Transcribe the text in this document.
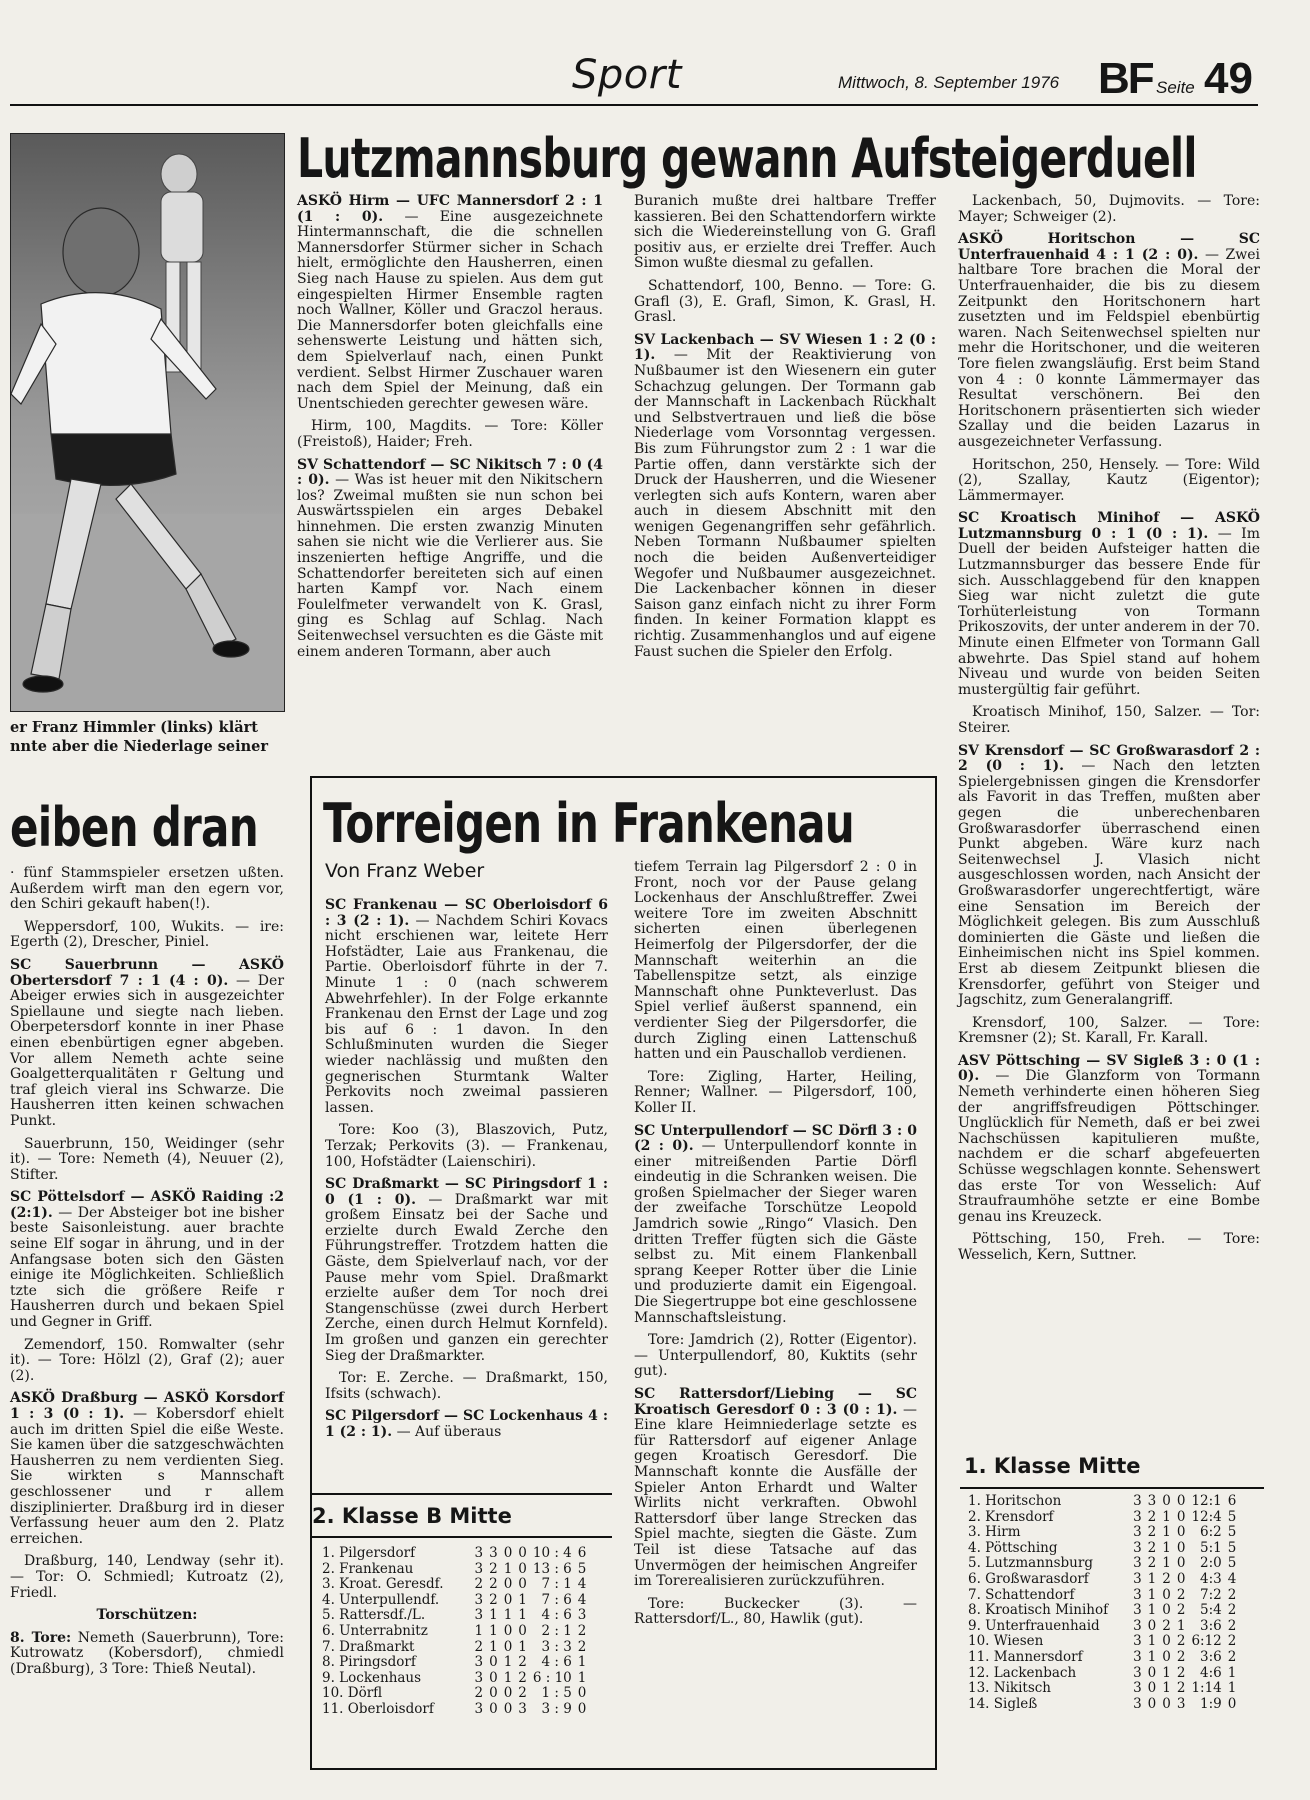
Sport	Mittwoch, 8. September 1976 BF Seite 49
er Franz Himmler (links) klärt
nnte aber die Niederlage seiner
Lutzmannsburg gewann Aufsteigerduell
eiben dran

ASKÖ Hirm — UFC Mannersdorf 2 : 1 (1 : 0). — Eine ausgezeichnete Hintermannschaft, die die schnellen Mannersdorfer Stürmer sicher in Schach hielt, ermöglichte den Hausherren, einen Sieg nach Hause zu spielen. Aus dem gut eingespielten Hirmer Ensemble ragten noch Wallner, Köller und Graczol heraus. Die Mannersdorfer boten gleichfalls eine sehenswerte Leistung und hätten sich, dem Spielverlauf nach, einen Punkt verdient. Selbst Hirmer Zuschauer waren nach dem Spiel der Meinung, daß ein Unentschieden gerechter gewesen wäre.

Hirm, 100, Magdits. — Tore: Köller (Freistoß), Haider; Freh.

SV Schattendorf — SC Nikitsch 7 : 0 (4 : 0). — Was ist heuer mit den Nikitschern los? Zweimal mußten sie nun schon bei Auswärtsspielen ein arges Debakel hinnehmen. Die ersten zwanzig Minuten sahen sie nicht wie die Verlierer aus. Sie inszenierten heftige Angriffe, und die Schattendorfer bereiteten sich auf einen harten Kampf vor. Nach einem Foulelfmeter verwandelt von K. Grasl, ging es Schlag auf Schlag. Nach Seitenwechsel versuchten es die Gäste mit einem anderen Tormann, aber auch

Buranich mußte drei haltbare Treffer kassieren. Bei den Schattendorfern wirkte sich die Wiedereinstellung von G. Grafl positiv aus, er erzielte drei Treffer. Auch Simon wußte diesmal zu gefallen.

Schattendorf, 100, Benno. — Tore: G. Grafl (3), E. Grafl, Simon, K. Grasl, H. Grasl.

SV Lackenbach — SV Wiesen 1 : 2 (0 : 1). — Mit der Reaktivierung von Nußbaumer ist den Wiesenern ein guter Schachzug gelungen. Der Tormann gab der Mannschaft in Lackenbach Rückhalt und Selbstvertrauen und ließ die böse Niederlage vom Vorsonntag vergessen. Bis zum Führungstor zum 2 : 1 war die Partie offen, dann verstärkte sich der Druck der Hausherren, und die Wiesener verlegten sich aufs Kontern, waren aber auch in diesem Abschnitt mit den wenigen Gegenangriffen sehr gefährlich. Neben Tormann Nußbaumer spielten noch die beiden Außenverteidiger Wegofer und Nußbaumer ausgezeichnet. Die Lackenbacher können in dieser Saison ganz einfach nicht zu ihrer Form finden. In keiner Formation klappt es richtig. Zusammenhanglos und auf eigene Faust suchen die Spieler den Erfolg.

Lackenbach, 50, Dujmovits. — Tore: Mayer; Schweiger (2).

ASKÖ Horitschon — SC Unterfrauenhaid 4 : 1 (2 : 0). — Zwei haltbare Tore brachen die Moral der Unterfrauenhaider, die bis zu diesem Zeitpunkt den Horitschonern hart zusetzten und im Feldspiel ebenbürtig waren. Nach Seitenwechsel spielten nur mehr die Horitschoner, und die weiteren Tore fielen zwangsläufig. Erst beim Stand von 4 : 0 konnte Lämmermayer das Resultat verschönern. Bei den Horitschonern präsentierten sich wieder Szallay und die beiden Lazarus in ausgezeichneter Verfassung.

Horitschon, 250, Hensely. — Tore: Wild (2), Szallay, Kautz (Eigentor); Lämmermayer.

SC Kroatisch Minihof — ASKÖ Lutzmannsburg 0 : 1 (0 : 1). — Im Duell der beiden Aufsteiger hatten die Lutzmannsburger das bessere Ende für sich. Ausschlaggebend für den knappen Sieg war nicht zuletzt die gute Torhüterleistung von Tormann Prikoszovits, der unter anderem in der 70. Minute einen Elfmeter von Tormann Gall abwehrte. Das Spiel stand auf hohem Niveau und wurde von beiden Seiten mustergültig fair geführt.

Kroatisch Minihof, 150, Salzer. — Tor: Steirer.

SV Krensdorf — SC Großwarasdorf 2 : 2 (0 : 1). — Nach den letzten Spielergebnissen gingen die Krensdorfer als Favorit in das Treffen, mußten aber gegen die unberechenbaren Großwarasdorfer überraschend einen Punkt abgeben. Wäre kurz nach Seitenwechsel J. Vlasich nicht ausgeschlossen worden, nach Ansicht der Großwarasdorfer ungerechtfertigt, wäre eine Sensation im Bereich der Möglichkeit gelegen. Bis zum Ausschluß dominierten die Gäste und ließen die Einheimischen nicht ins Spiel kommen. Erst ab diesem Zeitpunkt bliesen die Krensdorfer, geführt von Steiger und Jagschitz, zum Generalangriff.

Krensdorf, 100, Salzer. — Tore: Kremsner (2); St. Karall, Fr. Karall.

ASV Pöttsching — SV Sigleß 3 : 0 (1 : 0). — Die Glanzform von Tormann Nemeth verhinderte einen höheren Sieg der angriffsfreudigen Pöttschinger. Unglücklich für Nemeth, daß er bei zwei Nachschüssen kapitulieren mußte, nachdem er die scharf abgefeuerten Schüsse wegschlagen konnte. Sehenswert das erste Tor von Wesselich: Auf Straufraumhöhe setzte er eine Bombe genau ins Kreuzeck.

Pöttsching, 150, Freh. — Tore: Wesselich, Kern, Suttner.

· fünf Stammspieler ersetzen ußten. Außerdem wirft man den egern vor, den Schiri gekauft haben(!).

Weppersdorf, 100, Wukits. — ire: Egerth (2), Drescher, Piniel.

SC Sauerbrunn — ASKÖ Obertersdorf 7 : 1 (4 : 0). — Der Abeiger erwies sich in ausgezeichter Spiellaune und siegte nach lieben. Oberpetersdorf konnte in iner Phase einen ebenbürtigen egner abgeben. Vor allem Nemeth achte seine Goalgetterqualitäten r Geltung und traf gleich vieral ins Schwarze. Die Hausherren itten keinen schwachen Punkt.

Sauerbrunn, 150, Weidinger (sehr it). — Tore: Nemeth (4), Neuuer (2), Stifter.

SC Pöttelsdorf — ASKÖ Raiding :2 (2:1). — Der Absteiger bot ine bisher beste Saisonleistung. auer brachte seine Elf sogar in ährung, und in der Anfangsase boten sich den Gästen einige ite Möglichkeiten. Schließlich tzte sich die größere Reife r Hausherren durch und bekaen Spiel und Gegner in Griff.

Zemendorf, 150. Romwalter (sehr it). — Tore: Hölzl (2), Graf (2); auer (2).

ASKÖ Draßburg — ASKÖ Korsdorf 1 : 3 (0 : 1). — Kobersdorf ehielt auch im dritten Spiel die eiße Weste. Sie kamen über die satzgeschwächten Hausherren zu nem verdienten Sieg. Sie wirkten s Mannschaft geschlossener und r allem disziplinierter. Draßburg ird in dieser Verfassung heuer aum den 2. Platz erreichen.

Draßburg, 140, Lendway (sehr it). — Tor: O. Schmiedl; Kutroatz (2), Friedl.

Torschützen:

8. Tore: Nemeth (Sauerbrunn), Tore: Kutrowatz (Kobersdorf), chmiedl (Draßburg), 3 Tore: Thieß Neutal).

Torreigen in Frankenau
Von Franz Weber

SC Frankenau — SC Oberloisdorf 6 : 3 (2 : 1). — Nachdem Schiri Kovacs nicht erschienen war, leitete Herr Hofstädter, Laie aus Frankenau, die Partie. Oberloisdorf führte in der 7. Minute 1 : 0 (nach schwerem Abwehrfehler). In der Folge erkannte Frankenau den Ernst der Lage und zog bis auf 6 : 1 davon. In den Schlußminuten wurden die Sieger wieder nachlässig und mußten den gegnerischen Sturmtank Walter Perkovits noch zweimal passieren lassen.

Tore: Koo (3), Blaszovich, Putz, Terzak; Perkovits (3). — Frankenau, 100, Hofstädter (Laienschiri).

SC Draßmarkt — SC Piringsdorf 1 : 0 (1 : 0). — Draßmarkt war mit großem Einsatz bei der Sache und erzielte durch Ewald Zerche den Führungstreffer. Trotzdem hatten die Gäste, dem Spielverlauf nach, vor der Pause mehr vom Spiel. Draßmarkt erzielte außer dem Tor noch drei Stangenschüsse (zwei durch Herbert Zerche, einen durch Helmut Kornfeld). Im großen und ganzen ein gerechter Sieg der Draßmarkter.

Tor: E. Zerche. — Draßmarkt, 150, Ifsits (schwach).

SC Pilgersdorf — SC Lockenhaus 4 : 1 (2 : 1). — Auf überaus

tiefem Terrain lag Pilgersdorf 2 : 0 in Front, noch vor der Pause gelang Lockenhaus der Anschlußtreffer. Zwei weitere Tore im zweiten Abschnitt sicherten einen überlegenen Heimerfolg der Pilgersdorfer, der die Mannschaft weiterhin an die Tabellenspitze setzt, als einzige Mannschaft ohne Punkteverlust. Das Spiel verlief äußerst spannend, ein verdienter Sieg der Pilgersdorfer, die durch Zigling einen Lattenschuß hatten und ein Pauschallob verdienen.

Tore: Zigling, Harter, Heiling, Renner; Wallner. — Pilgersdorf, 100, Koller II.

SC Unterpullendorf — SC Dörfl 3 : 0 (2 : 0). — Unterpullendorf konnte in einer mitreißenden Partie Dörfl eindeutig in die Schranken weisen. Die großen Spielmacher der Sieger waren der zweifache Torschütze Leopold Jamdrich sowie „Ringo“ Vlasich. Den dritten Treffer fügten sich die Gäste selbst zu. Mit einem Flankenball sprang Keeper Rotter über die Linie und produzierte damit ein Eigengoal. Die Siegertruppe bot eine geschlossene Mannschaftsleistung.

Tore: Jamdrich (2), Rotter (Eigentor). — Unterpullendorf, 80, Kuktits (sehr gut).

SC Rattersdorf/Liebing — SC Kroatisch Geresdorf 0 : 3 (0 : 1). — Eine klare Heimniederlage setzte es für Rattersdorf auf eigener Anlage gegen Kroatisch Geresdorf. Die Mannschaft konnte die Ausfälle der Spieler Anton Erhardt und Walter Wirlits nicht verkraften. Obwohl Rattersdorf über lange Strecken das Spiel machte, siegten die Gäste. Zum Teil ist diese Tatsache auf das Unvermögen der heimischen Angreifer im Torerealisieren zurückzuführen.

Tore: Buckecker (3). — Rattersdorf/L., 80, Hawlik (gut).

2. Klasse B Mitte
1. Pilgersdorf	3	3	0	0	10 : 4	6
2. Frankenau	3	2	1	0	13 : 6	5
3. Kroat. Geresdf.	2	2	0	0	7 : 1	4
4. Unterpullendf.	3	2	0	1	7 : 6	4
5. Rattersdf./L.	3	1	1	1	4 : 6	3
6. Unterrabnitz	1	1	0	0	2 : 1	2
7. Draßmarkt	2	1	0	1	3 : 3	2
8. Piringsdorf	3	0	1	2	4 : 6	1
9. Lockenhaus	3	0	1	2	6 : 10	1
10. Dörfl	2	0	0	2	1 : 5	0
11. Oberloisdorf	3	0	0	3	3 : 9	0
1. Klasse Mitte
1. Horitschon	3	3	0	0	12:1	6
2. Krensdorf	3	2	1	0	12:4	5
3. Hirm	3	2	1	0	6:2	5
4. Pöttsching	3	2	1	0	5:1	5
5. Lutzmannsburg	3	2	1	0	2:0	5
6. Großwarasdorf	3	1	2	0	4:3	4
7. Schattendorf	3	1	0	2	7:2	2
8. Kroatisch Minihof	3	1	0	2	5:4	2
9. Unterfrauenhaid	3	0	2	1	3:6	2
10. Wiesen	3	1	0	2	6:12	2
11. Mannersdorf	3	1	0	2	3:6	2
12. Lackenbach	3	0	1	2	4:6	1
13. Nikitsch	3	0	1	2	1:14	1
14. Sigleß	3	0	0	3	1:9	0
